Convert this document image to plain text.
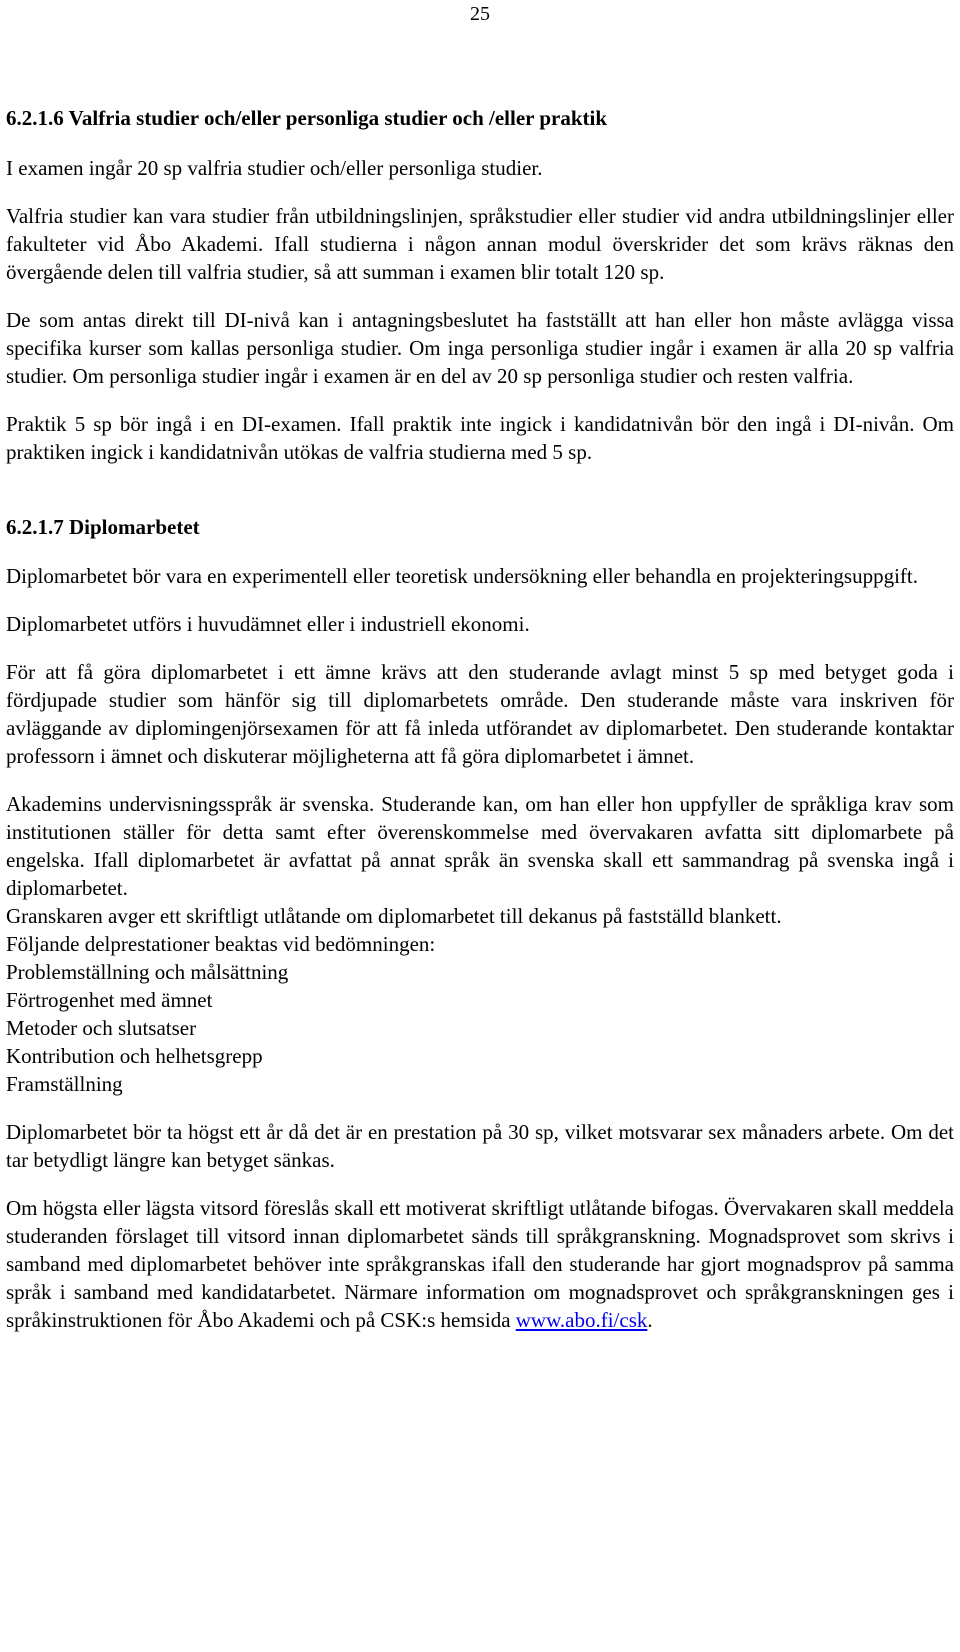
25
6.2.1.6 Valfria studier och/eller personliga studier och /eller praktik

I examen ingår 20 sp valfria studier och/eller personliga studier.

Valfria studier kan vara studier från utbildningslinjen, språkstudier eller studier vid andra utbildningslinjer eller fakulteter vid Åbo Akademi. Ifall studierna i någon annan modul överskrider det som krävs räknas den övergående delen till valfria studier, så att summan i examen blir totalt 120 sp.

De som antas direkt till DI-nivå kan i antagningsbeslutet ha fastställt att han eller hon måste avlägga vissa specifika kurser som kallas personliga studier. Om inga personliga studier ingår i examen är alla 20 sp valfria studier. Om personliga studier ingår i examen är en del av 20 sp personliga studier och resten valfria.

Praktik 5 sp bör ingå i en DI-examen. Ifall praktik inte ingick i kandidatnivån bör den ingå i DI-nivån. Om praktiken ingick i kandidatnivån utökas de valfria studierna med 5 sp.

6.2.1.7 Diplomarbetet

Diplomarbetet bör vara en experimentell eller teoretisk undersökning eller behandla en projekteringsuppgift.

Diplomarbetet utförs i huvudämnet eller i industriell ekonomi.

För att få göra diplomarbetet i ett ämne krävs att den studerande avlagt minst 5 sp med betyget goda i fördjupade studier som hänför sig till diplomarbetets område. Den studerande måste vara inskriven för avläggande av diplomingenjörsexamen för att få inleda utförandet av diplomarbetet. Den studerande kontaktar professorn i ämnet och diskuterar möjligheterna att få göra diplomarbetet i ämnet.

Akademins undervisningsspråk är svenska. Studerande kan, om han eller hon uppfyller de språkliga krav som institutionen ställer för detta samt efter överenskommelse med övervakaren avfatta sitt diplomarbete på engelska. Ifall diplomarbetet är avfattat på annat språk än svenska skall ett sammandrag på svenska ingå i diplomarbetet.

Granskaren avger ett skriftligt utlåtande om diplomarbetet till dekanus på fastställd blankett.

Följande delprestationer beaktas vid bedömningen:

Problemställning och målsättning

Förtrogenhet med ämnet

Metoder och slutsatser

Kontribution och helhetsgrepp

Framställning

Diplomarbetet bör ta högst ett år då det är en prestation på 30 sp, vilket motsvarar sex månaders arbete. Om det tar betydligt längre kan betyget sänkas.

Om högsta eller lägsta vitsord föreslås skall ett motiverat skriftligt utlåtande bifogas. Övervakaren skall meddela studeranden förslaget till vitsord innan diplomarbetet sänds till språkgranskning. Mognadsprovet som skrivs i samband med diplomarbetet behöver inte språkgranskas ifall den studerande har gjort mognadsprov på samma språk i samband med kandidatarbetet. Närmare information om mognadsprovet och språkgranskningen ges i språkinstruktionen för Åbo Akademi och på CSK:s hemsida www.abo.fi/csk.
